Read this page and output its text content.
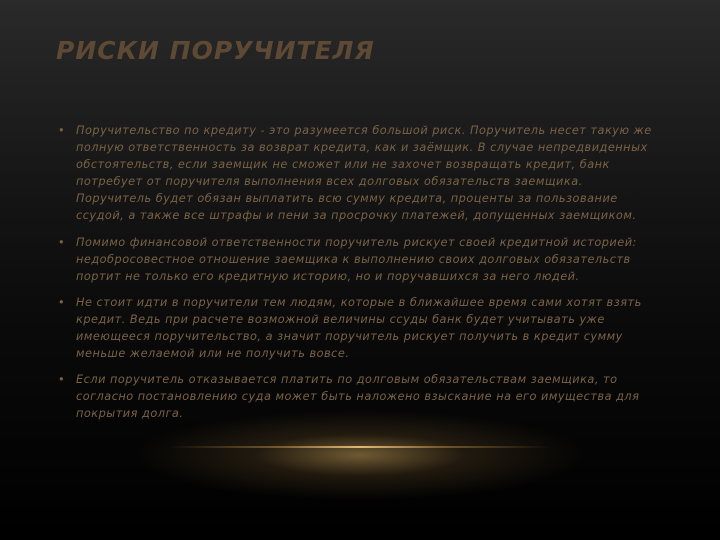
РИСКИ ПОРУЧИТЕЛЯ
• Поручительство по кредиту - это разумеется большой риск. Поручитель несет такую же полную ответственность за возврат кредита, как и заёмщик. В случае непредвиденных обстоятельств, если заемщик не сможет или не захочет возвращать кредит, банк потребует от поручителя выполнения всех долговых обязательств заемщика. Поручитель будет обязан выплатить всю сумму кредита, проценты за пользование ссудой, а также все штрафы и пени за просрочку платежей, допущенных заемщиком.
• Помимо финансовой ответственности поручитель рискует своей кредитной историей: недобросовестное отношение заемщика к выполнению своих долговых обязательств портит не только его кредитную историю, но и поручавшихся за него людей.
• Не стоит идти в поручители тем людям, которые в ближайшее время сами хотят взять кредит. Ведь при расчете возможной величины ссуды банк будет учитывать уже имеющееся поручительство, а значит поручитель рискует получить в кредит сумму меньше желаемой или не получить вовсе.
• Если поручитель отказывается платить по долговым обязательствам заемщика, то согласно постановлению суда может быть наложено взыскание на его имущества для покрытия долга.
